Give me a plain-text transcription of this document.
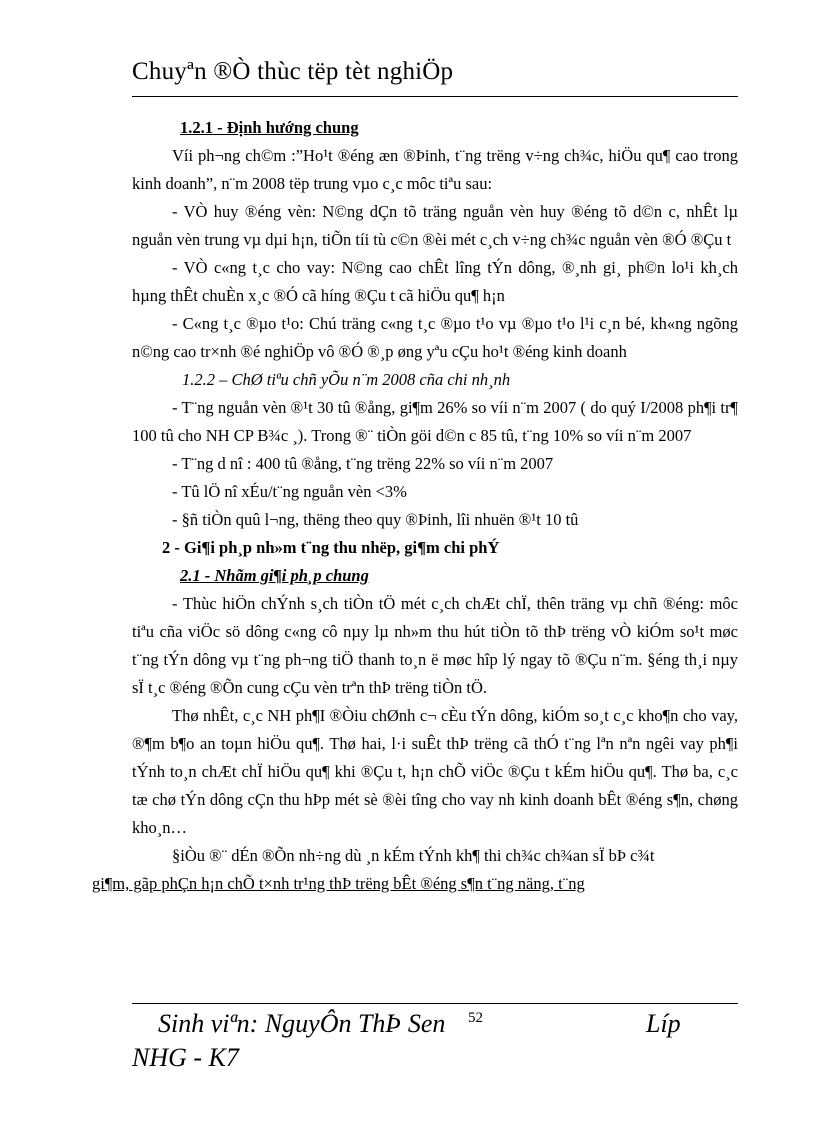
Chuyªn ®Ò thùc tëp tèt nghiÖp

1.2.1 - Định hướng chung

Víi ph¬ng ch©m :”Ho¹t ®éng æn ®Þinh, t¨ng trëng v÷ng ch¾c, hiÖu qu¶ cao trong kinh doanh”, n¨m 2008 tëp trung vµo c¸c môc tiªu sau:

- VÒ huy ®éng vèn: N©ng dÇn tõ träng nguån vèn huy ®éng tõ d©n c, nhÊt lµ nguån vèn trung vµ dµi h¡n, tiÕn tíi tù c©n ®èi mét c¸ch v÷ng ch¾c nguån vèn ®Ó ®Çu t

- VÒ c«ng t¸c cho vay: N©ng cao chÊt lîng tÝn dông, ®¸nh gi¸ ph©n lo¹i kh¸ch hµng thÊt chuÈn x¸c ®Ó cã híng ®Çu t cã hiÖu qu¶ h¡n

- C«ng t¸c ®µo t¹o: Chú träng c«ng t¸c ®µo t¹o vµ ®µo t¹o l¹i c¸n bé, kh«ng ngõng n©ng cao tr×nh ®é nghiÖp vô ®Ó ®¸p øng yªu cÇu ho¹t ®éng kinh doanh

1.2.2 – ChØ tiªu chñ yÕu n¨m 2008 cña chi nh¸nh

- T¨ng nguån vèn ®¹t 30 tû ®ång, gi¶m 26% so víi n¨m 2007 ( do quý I/2008 ph¶i tr¶ 100 tû cho NH CP B¾c ¸). Trong ®¨ tiÒn göi d©n c 85 tû, t¨ng 10% so víi n¨m 2007

- T¨ng d nî : 400 tû ®ång, t¨ng trëng 22% so víi n¨m 2007

- Tû lÖ nî xÉu/t¨ng nguån vèn <3%

- §ñ tiÒn quû l¬ng, thëng theo quy ®Þinh, lîi nhuën ®¹t 10 tû

2 - Gi¶i ph¸p nh»m t¨ng thu nhëp, gi¶m chi phÝ

2.1 - Nhãm gi¶i ph¸p chung

- Thùc hiÖn chÝnh s¸ch tiÒn tÖ mét c¸ch chÆt chÏ, thên träng vµ chñ ®éng: môc tiªu cña viÖc sö dông c«ng cô nµy lµ nh»m thu hút tiÒn tõ thÞ trëng vÒ kiÓm so¹t møc t¨ng tÝn dông vµ t¨ng ph¬ng tiÖ thanh to¸n ë møc hîp lý ngay tõ ®Çu n¨m. §éng th¸i nµy sÏ t¸c ®éng ®Õn cung cÇu vèn trªn thÞ trëng tiÒn tÖ.

Thø nhÊt, c¸c NH ph¶I ®Òiu chØnh c¬ cÈu tÝn dông, kiÓm so¸t c¸c kho¶n cho vay, ®¶m b¶o an toµn hiÖu qu¶. Thø hai, l·i suÊt thÞ trëng cã thÓ t¨ng lªn nªn ngêi vay ph¶i tÝnh to¸n chÆt chÏ hiÖu qu¶ khi ®Çu t, h¡n chÕ viÖc ®Çu t kÉm hiÖu qu¶. Thø ba, c¸c tæ chø tÝn dông cÇn thu hÞp mét sè ®èi tîng cho vay nh kinh doanh bÊt ®éng s¶n, chøng kho¸n…

§iÒu ®¨ dÉn ®Õn nh÷ng dù ¸n kÉm tÝnh kh¶ thi ch¾c ch¾an sÏ bÞ c¾t
gi¶m, gãp phÇn h¡n chÕ t×nh tr¹ng thÞ trëng bÊt ®éng s¶n t¨ng näng, t¨ng

Sinh viªn: NguyÔn ThÞ Sen 52	Líp
NHG - K7
